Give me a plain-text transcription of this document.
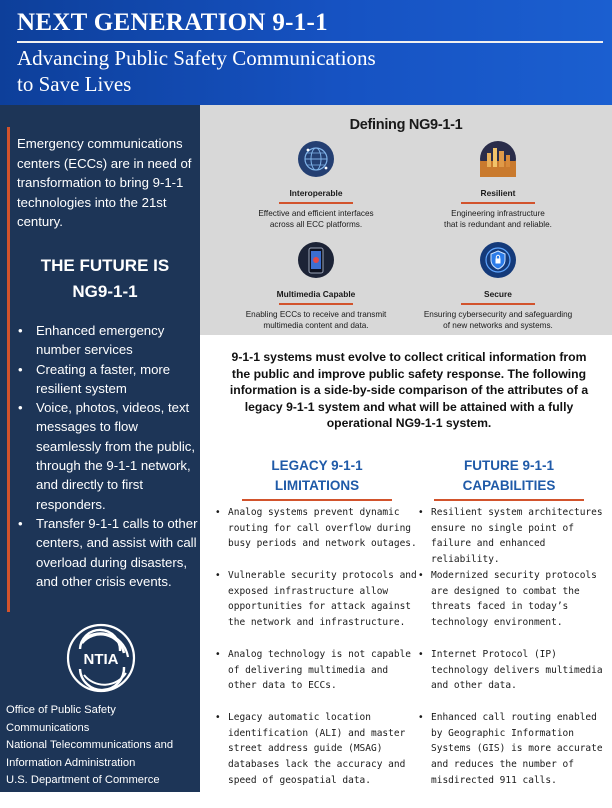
NEXT GENERATION 9-1-1
Advancing Public Safety Communications
to Save Lives

Emergency communications centers (ECCs) are in need of transformation to bring 9-1-1 technologies into the 21st century.

THE FUTURE IS
NG9-1-1
• Enhanced emergency number services
• Creating a faster, more resilient system
• Voice, photos, videos, text messages to flow seamlessly from the public, through the 9-1-1 network, and directly to first responders.
• Transfer 9-1-1 calls to other centers, and assist with call overload during disasters, and other crisis events.
NTIA
Office of Public Safety Communications
National Telecommunications and
Information Administration
U.S. Department of Commerce
NTIA.gov
Defining NG9-1-1
Interoperable
Effective and efficient interfaces
across all ECC platforms.
Resilient
Engineering infrastructure
that is redundant and reliable.
Multimedia Capable
Enabling ECCs to receive and transmit
multimedia content and data.
Secure
Ensuring cybersecurity and safeguarding
of new networks and systems.

9-1-1 systems must evolve to collect critical information from the public and improve public safety response. The following information is a side-by-side comparison of the attributes of a legacy 9-1-1 system and what will be attained with a fully operational NG9-1-1 system.

LEGACY 9-1-1
LIMITATIONS
FUTURE 9-1-1
CAPABILITIES
• Analog systems prevent dynamic routing for call overflow during busy periods and network outages.
• Vulnerable security protocols and exposed infrastructure allow opportunities for attack against the network and infrastructure.
• Analog technology is not capable of delivering multimedia and other data to ECCs.
• Legacy automatic location identification (ALI) and master street address guide (MSAG) databases lack the accuracy and speed of geospatial data.
• Resilient system architectures ensure no single point of failure and enhanced reliability.
• Modernized security protocols are designed to combat the threats faced in today’s technology environment.
• Internet Protocol (IP) technology delivers multimedia and other data.
• Enhanced call routing enabled by Geographic Information Systems (GIS) is more accurate and reduces the number of misdirected 911 calls.
